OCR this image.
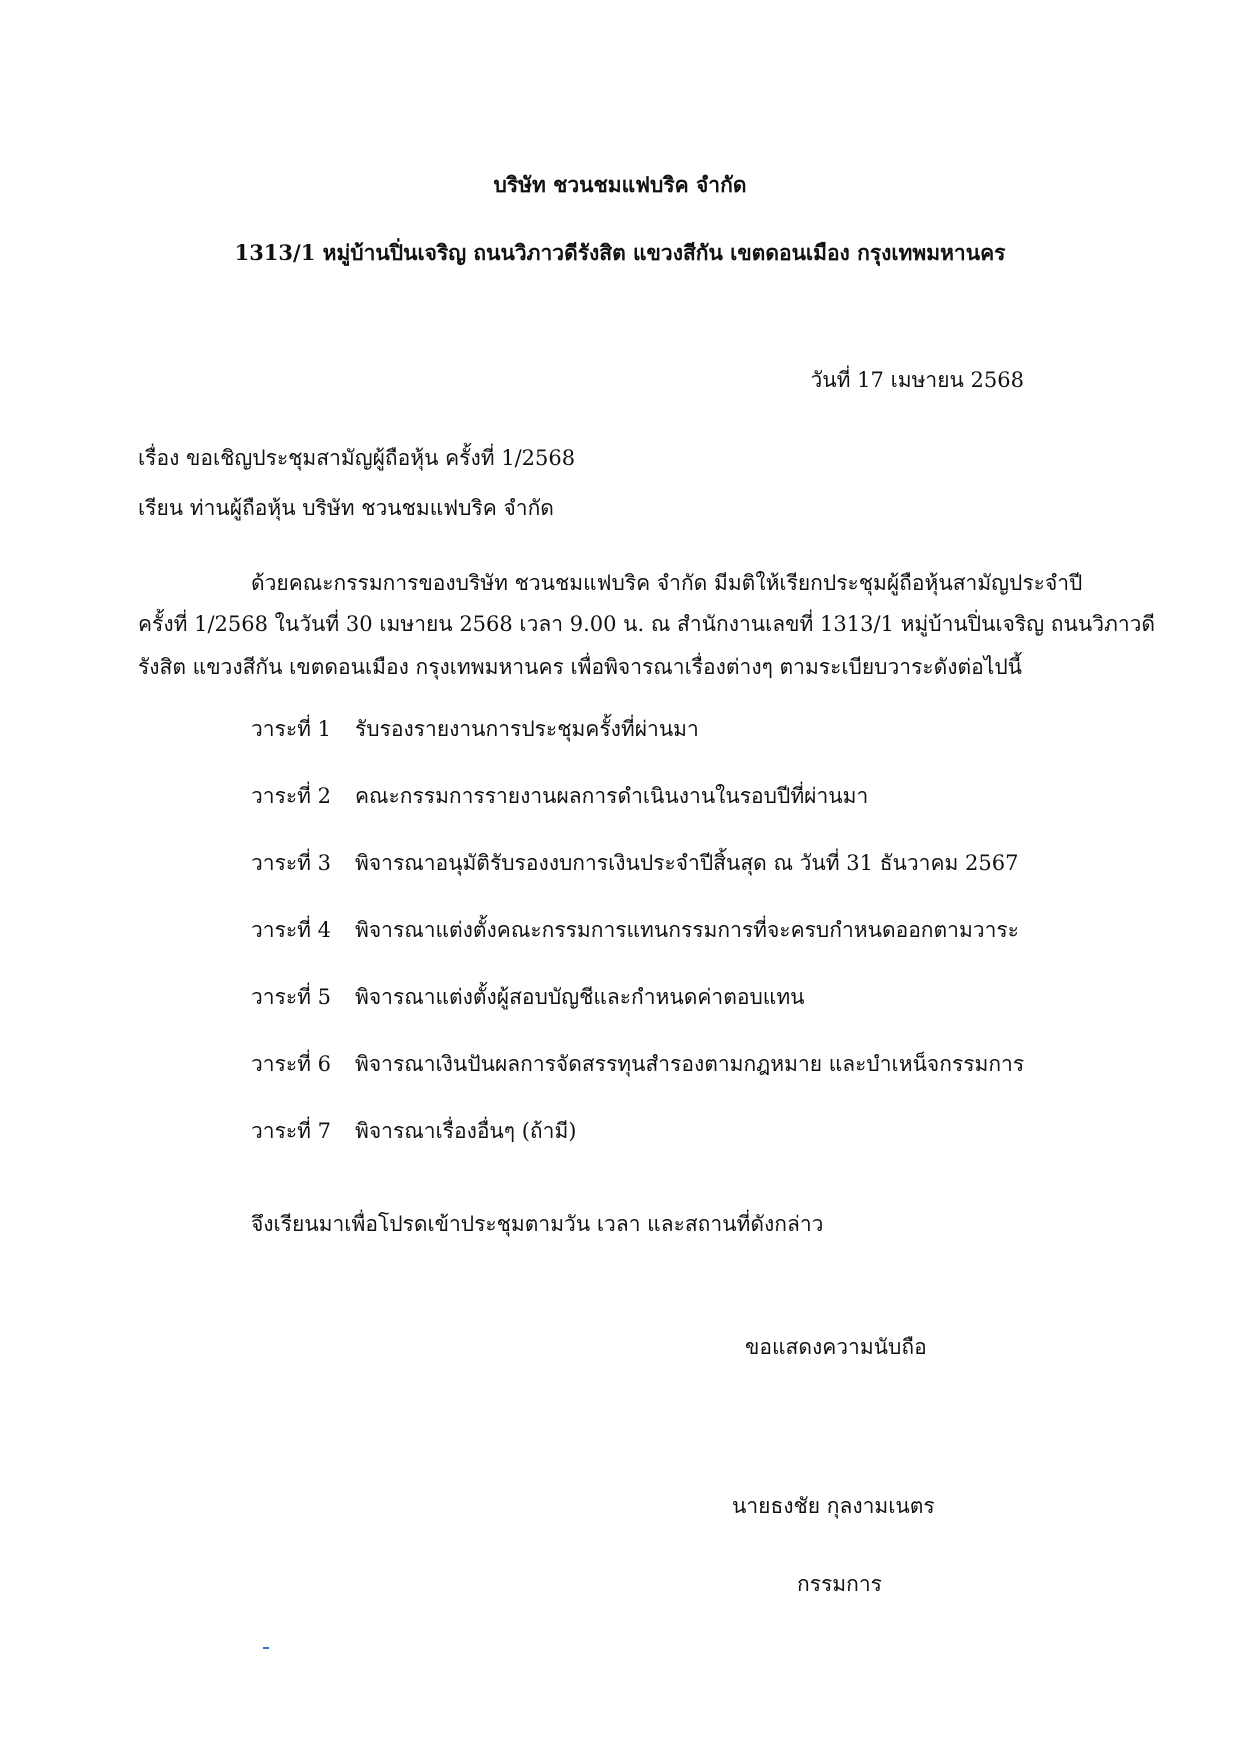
บริษัท ชวนชมแฟบริค จำกัด
1313/1 หมู่บ้านปิ่นเจริญ ถนนวิภาวดีรังสิต แขวงสีกัน เขตดอนเมือง กรุงเทพมหานคร
วันที่ 17 เมษายน 2568
เรื่อง ขอเชิญประชุมสามัญผู้ถือหุ้น ครั้งที่ 1/2568
เรียน ท่านผู้ถือหุ้น บริษัท ชวนชมแฟบริค จำกัด
ด้วยคณะกรรมการของบริษัท ชวนชมแฟบริค จำกัด มีมติให้เรียกประชุมผู้ถือหุ้นสามัญประจำปี
ครั้งที่ 1/2568 ในวันที่ 30 เมษายน 2568 เวลา 9.00 น. ณ สำนักงานเลขที่ 1313/1 หมู่บ้านปิ่นเจริญ ถนนวิภาวดี
รังสิต แขวงสีกัน เขตดอนเมือง กรุงเทพมหานคร เพื่อพิจารณาเรื่องต่างๆ ตามระเบียบวาระดังต่อไปนี้
วาระที่ 1 รับรองรายงานการประชุมครั้งที่ผ่านมา
วาระที่ 2 คณะกรรมการรายงานผลการดำเนินงานในรอบปีที่ผ่านมา
วาระที่ 3 พิจารณาอนุมัติรับรองงบการเงินประจำปีสิ้นสุด ณ วันที่ 31 ธันวาคม 2567
วาระที่ 4 พิจารณาแต่งตั้งคณะกรรมการแทนกรรมการที่จะครบกำหนดออกตามวาระ
วาระที่ 5 พิจารณาแต่งตั้งผู้สอบบัญชีและกำหนดค่าตอบแทน
วาระที่ 6 พิจารณาเงินปันผลการจัดสรรทุนสำรองตามกฎหมาย และบำเหน็จกรรมการ
วาระที่ 7 พิจารณาเรื่องอื่นๆ (ถ้ามี)
จึงเรียนมาเพื่อโปรดเข้าประชุมตามวัน เวลา และสถานที่ดังกล่าว
ขอแสดงความนับถือ
นายธงชัย กุลงามเนตร
กรรมการ
